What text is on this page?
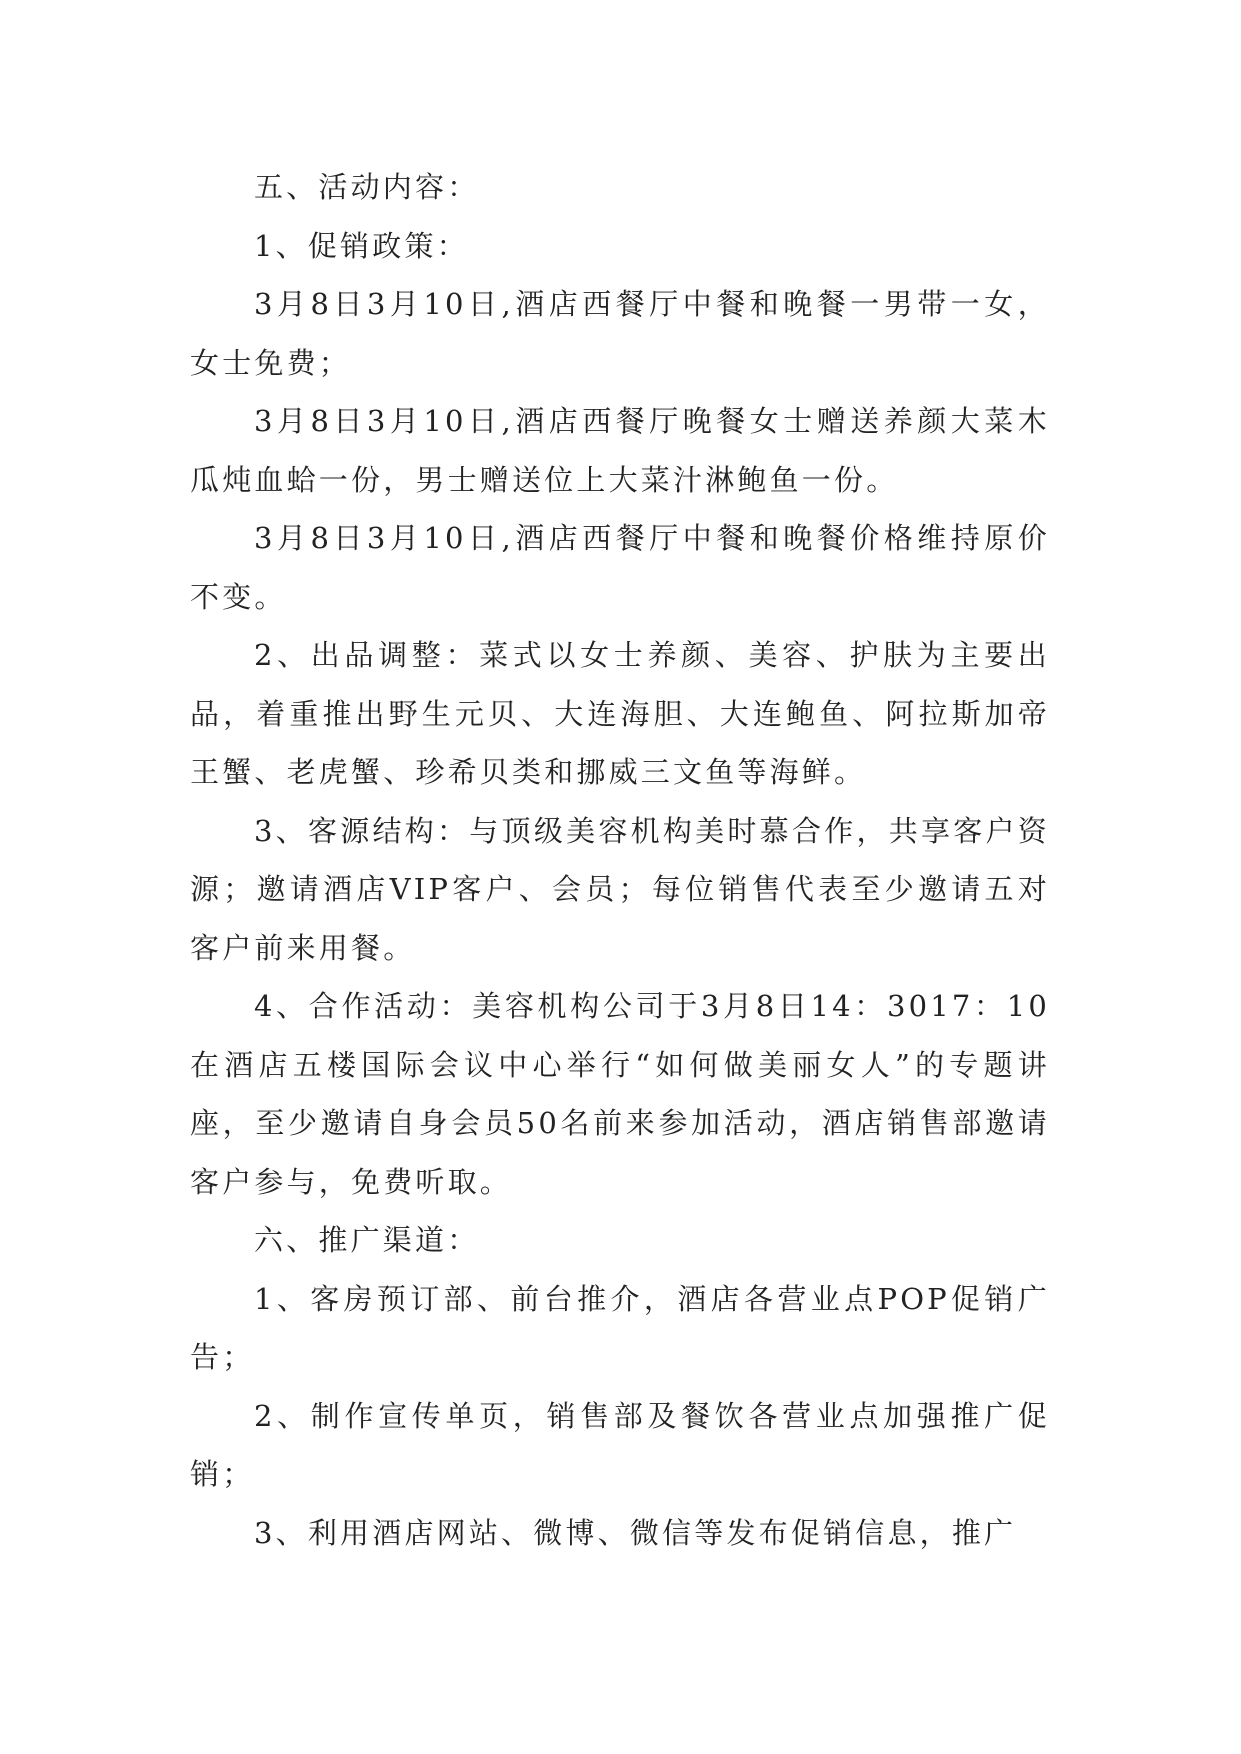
五、活动内容：

1、促销政策：

3月8日3月10日,酒店西餐厅中餐和晚餐一男带一女，女士免费；

3月8日3月10日,酒店西餐厅晚餐女士赠送养颜大菜木瓜炖血蛤一份，男士赠送位上大菜汁淋鲍鱼一份。

3月8日3月10日,酒店西餐厅中餐和晚餐价格维持原价不变。

2、出品调整：菜式以女士养颜、美容、护肤为主要出品，着重推出野生元贝、大连海胆、大连鲍鱼、阿拉斯加帝王蟹、老虎蟹、珍希贝类和挪威三文鱼等海鲜。

3、客源结构：与顶级美容机构美时慕合作，共享客户资源；邀请酒店VIP客户、会员；每位销售代表至少邀请五对客户前来用餐。

4、合作活动：美容机构公司于3月8日14：3017：10在酒店五楼国际会议中心举行“如何做美丽女人”的专题讲座，至少邀请自身会员50名前来参加活动，酒店销售部邀请客户参与，免费听取。

六、推广渠道：

1、客房预订部、前台推介，酒店各营业点POP促销广告；

2、制作宣传单页，销售部及餐饮各营业点加强推广促销；

3、利用酒店网站、微博、微信等发布促销信息，推广
